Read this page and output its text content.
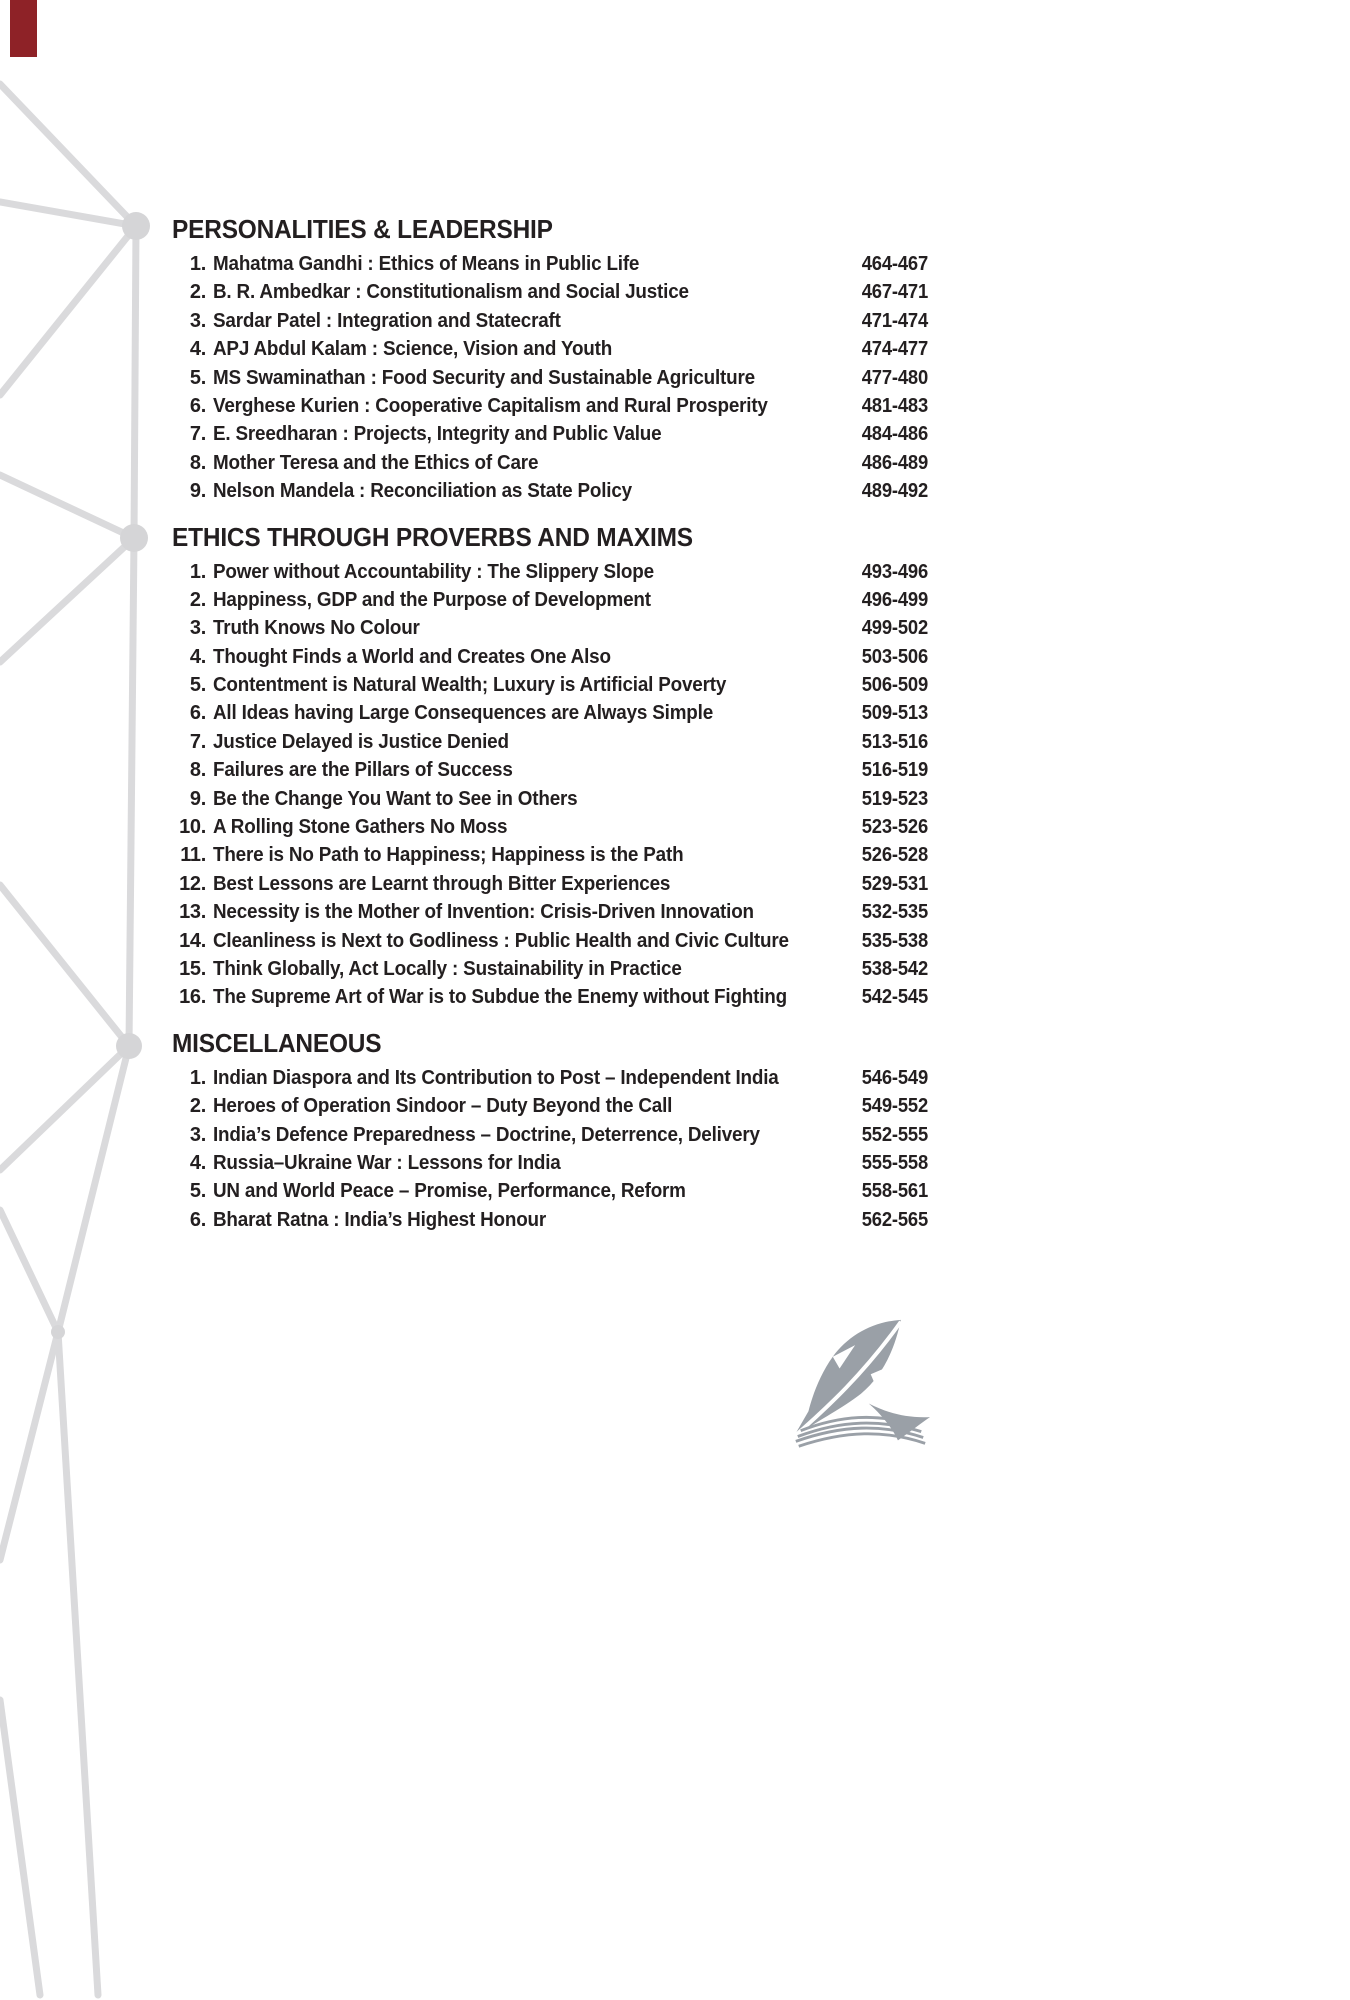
PERSONALITIES & LEADERSHIP
1. Mahatma Gandhi : Ethics of Means in Public Life	464-467
2. B. R. Ambedkar : Constitutionalism and Social Justice	467-471
3. Sardar Patel : Integration and Statecraft	471-474
4. APJ Abdul Kalam : Science, Vision and Youth	474-477
5. MS Swaminathan : Food Security and Sustainable Agriculture	477-480
6. Verghese Kurien : Cooperative Capitalism and Rural Prosperity	481-483
7. E. Sreedharan : Projects, Integrity and Public Value	484-486
8. Mother Teresa and the Ethics of Care	486-489
9. Nelson Mandela : Reconciliation as State Policy	489-492
ETHICS THROUGH PROVERBS AND MAXIMS
1. Power without Accountability : The Slippery Slope	493-496
2. Happiness, GDP and the Purpose of Development	496-499
3. Truth Knows No Colour	499-502
4. Thought Finds a World and Creates One Also	503-506
5. Contentment is Natural Wealth; Luxury is Artificial Poverty	506-509
6. All Ideas having Large Consequences are Always Simple	509-513
7. Justice Delayed is Justice Denied	513-516
8. Failures are the Pillars of Success	516-519
9. Be the Change You Want to See in Others	519-523
10. A Rolling Stone Gathers No Moss	523-526
11. There is No Path to Happiness; Happiness is the Path	526-528
12. Best Lessons are Learnt through Bitter Experiences	529-531
13. Necessity is the Mother of Invention: Crisis-Driven Innovation	532-535
14. Cleanliness is Next to Godliness : Public Health and Civic Culture	535-538
15. Think Globally, Act Locally : Sustainability in Practice	538-542
16. The Supreme Art of War is to Subdue the Enemy without Fighting	542-545
MISCELLANEOUS
1. Indian Diaspora and Its Contribution to Post – Independent India	546-549
2. Heroes of Operation Sindoor – Duty Beyond the Call	549-552
3. India’s Defence Preparedness – Doctrine, Deterrence, Delivery	552-555
4. Russia–Ukraine War : Lessons for India	555-558
5. UN and World Peace – Promise, Performance, Reform	558-561
6. Bharat Ratna : India’s Highest Honour	562-565
